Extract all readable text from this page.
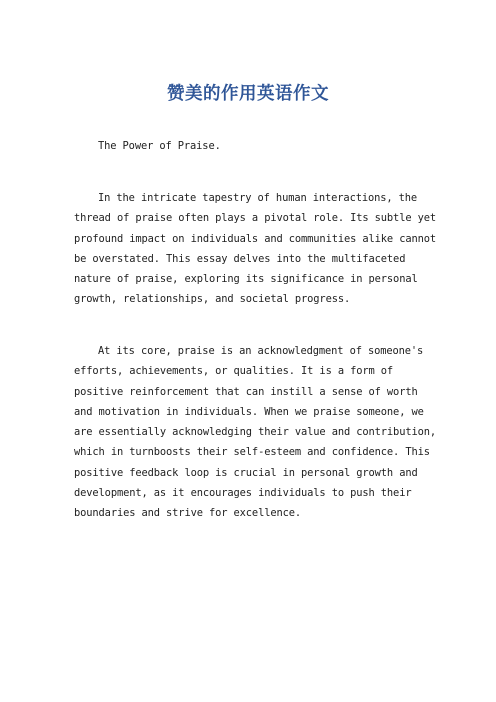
赞美的作用英语作文

The Power of Praise.

In the intricate tapestry of human interactions, the
thread of praise often plays a pivotal role. Its subtle yet
profound impact on individuals and communities alike cannot
be overstated. This essay delves into the multifaceted
nature of praise, exploring its significance in personal
growth, relationships, and societal progress.

At its core, praise is an acknowledgment of someone's
efforts, achievements, or qualities. It is a form of
positive reinforcement that can instill a sense of worth
and motivation in individuals. When we praise someone, we
are essentially acknowledging their value and contribution,
which in turnboosts their self-esteem and confidence. This
positive feedback loop is crucial in personal growth and
development, as it encourages individuals to push their
boundaries and strive for excellence.
